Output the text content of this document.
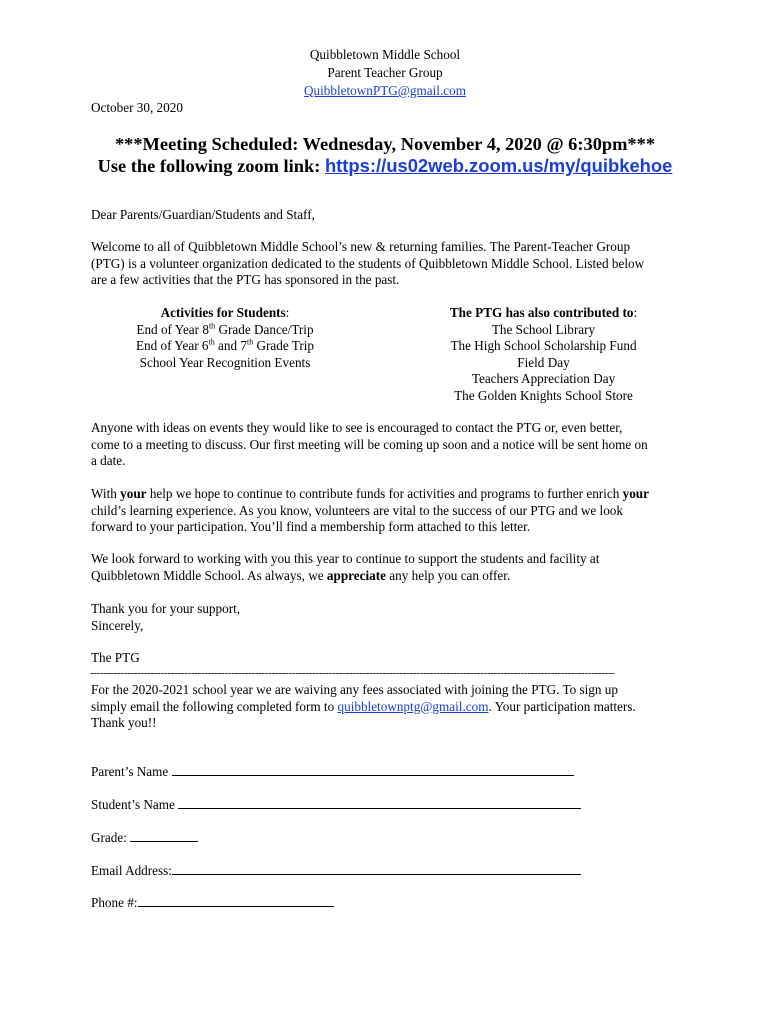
Quibbletown Middle School
Parent Teacher Group
QuibbletownPTG@gmail.com
October 30, 2020
***Meeting Scheduled: Wednesday, November 4, 2020 @ 6:30pm***
Use the following zoom link: https://us02web.zoom.us/my/quibkehoe
Dear Parents/Guardian/Students and Staff,
Welcome to all of Quibbletown Middle School’s new & returning families. The Parent-Teacher Group
(PTG) is a volunteer organization dedicated to the students of Quibbletown Middle School. Listed below
are a few activities that the PTG has sponsored in the past.
Activities for Students:
End of Year 8th Grade Dance/Trip
End of Year 6th and 7th Grade Trip
School Year Recognition Events
The PTG has also contributed to:
The School Library
The High School Scholarship Fund
Field Day
Teachers Appreciation Day
The Golden Knights School Store
Anyone with ideas on events they would like to see is encouraged to contact the PTG or, even better,
come to a meeting to discuss. Our first meeting will be coming up soon and a notice will be sent home on
a date.
With your help we hope to continue to contribute funds for activities and programs to further enrich your
child’s learning experience. As you know, volunteers are vital to the success of our PTG and we look
forward to your participation. You’ll find a membership form attached to this letter.
We look forward to working with you this year to continue to support the students and facility at
Quibbletown Middle School. As always, we appreciate any help you can offer.
Thank you for your support,
Sincerely,
The PTG
------------------------------------------------------------------------------------------------------------------------------------------------------------
For the 2020-2021 school year we are waiving any fees associated with joining the PTG. To sign up
simply email the following completed form to quibbletownptg@gmail.com. Your participation matters.
Thank you!!
Parent’s Name
Student’s Name
Grade:
Email Address:
Phone #:
